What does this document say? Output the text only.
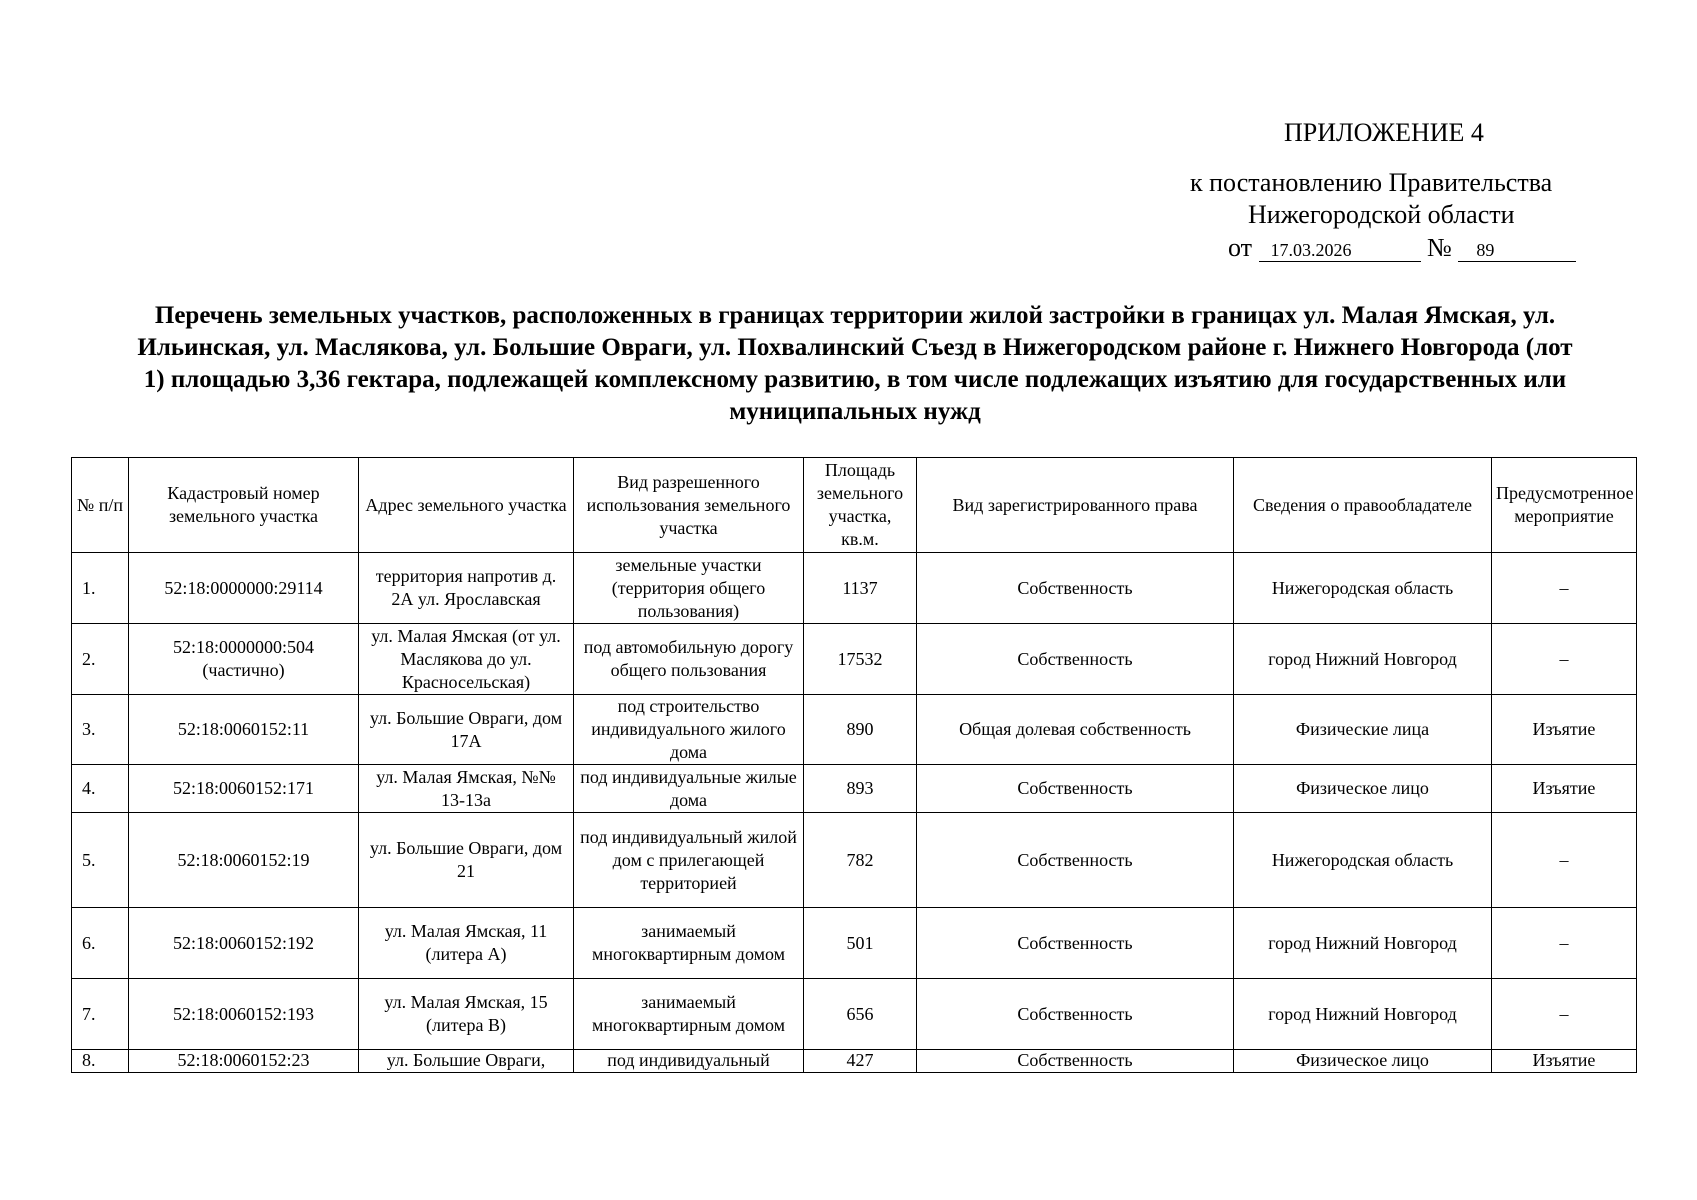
ПРИЛОЖЕНИЕ 4
к постановлению Правительства
Нижегородской области
от 17.03.2026	№ 89
Перечень земельных участков, расположенных в границах территории жилой застройки в границах ул. Малая Ямская, ул. Ильинская, ул. Маслякова, ул. Большие Овраги, ул. Похвалинский Съезд в Нижегородском районе г. Нижнего Новгорода (лот 1) площадью 3,36 гектара, подлежащей комплексному развитию, в том числе подлежащих изъятию для государственных или муниципальных нужд
№ п/п	Кадастровый номер земельного участка	Адрес земельного участка	Вид разрешенного использования земельного участка	Площадь земельного участка, кв.м.	Вид зарегистрированного права	Сведения о правообладателе	Предусмотренное мероприятие
1.	52:18:0000000:29114	территория напротив д. 2А ул. Ярославская	земельные участки (территория общего пользования)	1137	Собственность	Нижегородская область	–
2.	52:18:0000000:504 (частично)	ул. Малая Ямская (от ул. Маслякова до ул. Красносельская)	под автомобильную дорогу общего пользования	17532	Собственность	город Нижний Новгород	–
3.	52:18:0060152:11	ул. Большие Овраги, дом 17А	под строительство индивидуального жилого дома	890	Общая долевая собственность	Физические лица	Изъятие
4.	52:18:0060152:171	ул. Малая Ямская, №№ 13-13а	под индивидуальные жилые дома	893	Собственность	Физическое лицо	Изъятие
5.	52:18:0060152:19	ул. Большие Овраги, дом 21	под индивидуальный жилой дом с прилегающей территорией	782	Собственность	Нижегородская область	–
6.	52:18:0060152:192	ул. Малая Ямская, 11 (литера А)	занимаемый многоквартирным домом	501	Собственность	город Нижний Новгород	–
7.	52:18:0060152:193	ул. Малая Ямская, 15 (литера В)	занимаемый многоквартирным домом	656	Собственность	город Нижний Новгород	–
8.	52:18:0060152:23	ул. Большие Овраги,	под индивидуальный	427	Собственность	Физическое лицо	Изъятие
